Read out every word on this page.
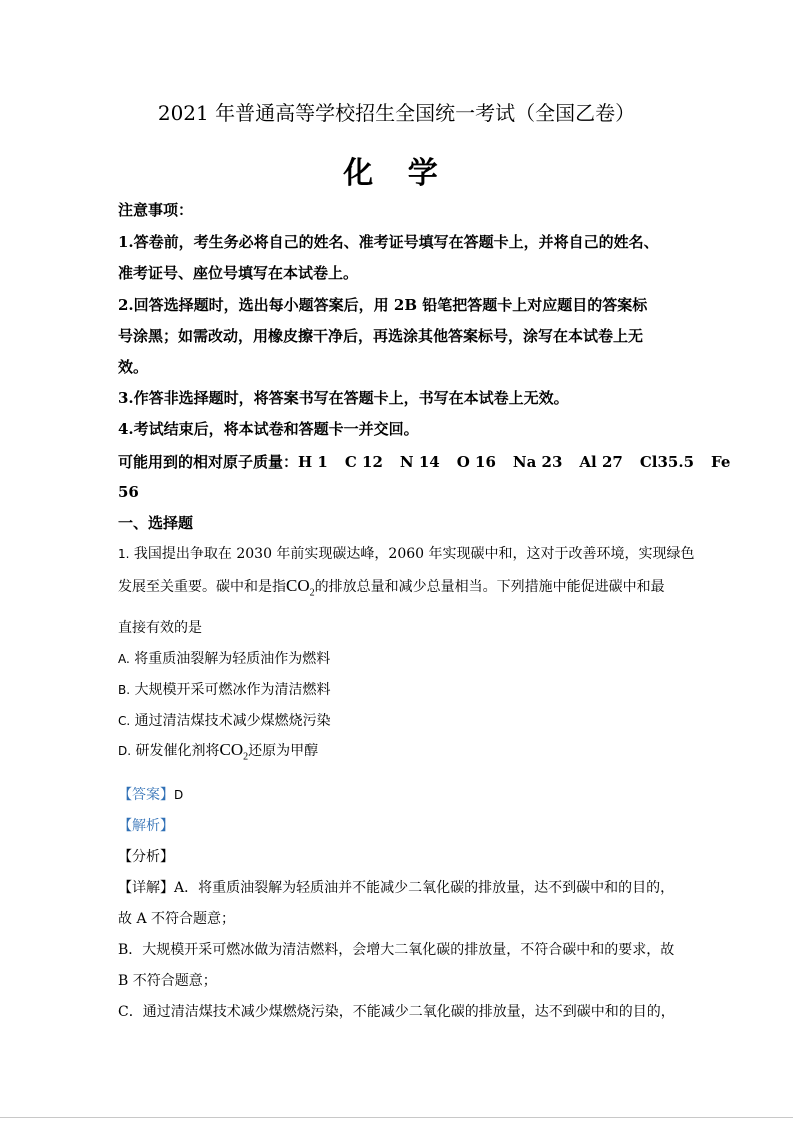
2021 年普通高等学校招生全国统一考试（全国乙卷）
化 学
注意事项：
1.答卷前，考生务必将自己的姓名、准考证号填写在答题卡上，并将自己的姓名、
准考证号、座位号填写在本试卷上。
2.回答选择题时，选出每小题答案后，用 2B 铅笔把答题卡上对应题目的答案标
号涂黑；如需改动，用橡皮擦干净后，再选涂其他答案标号，涂写在本试卷上无
效。
3.作答非选择题时，将答案书写在答题卡上，书写在本试卷上无效。
4.考试结束后，将本试卷和答题卡一并交回。
可能用到的相对原子质量：H 1 C 12 N 14 O 16 Na 23 Al 27 Cl35.5 Fe
56
一、选择题
1. 我国提出争取在 2030 年前实现碳达峰，2060 年实现碳中和，这对于改善环境，实现绿色
发展至关重要。碳中和是指$CO_2$的排放总量和减少总量相当。下列措施中能促进碳中和最
直接有效的是
A. 将重质油裂解为轻质油作为燃料
B. 大规模开采可燃冰作为清洁燃料
C. 通过清洁煤技术减少煤燃烧污染
D. 研发催化剂将$CO_2$还原为甲醇
【答案】D
【解析】
【分析】
【详解】A．将重质油裂解为轻质油并不能减少二氧化碳的排放量，达不到碳中和的目的，
故 A 不符合题意；
B．大规模开采可燃冰做为清洁燃料，会增大二氧化碳的排放量，不符合碳中和的要求，故
B 不符合题意；
C．通过清洁煤技术减少煤燃烧污染，不能减少二氧化碳的排放量，达不到碳中和的目的，
